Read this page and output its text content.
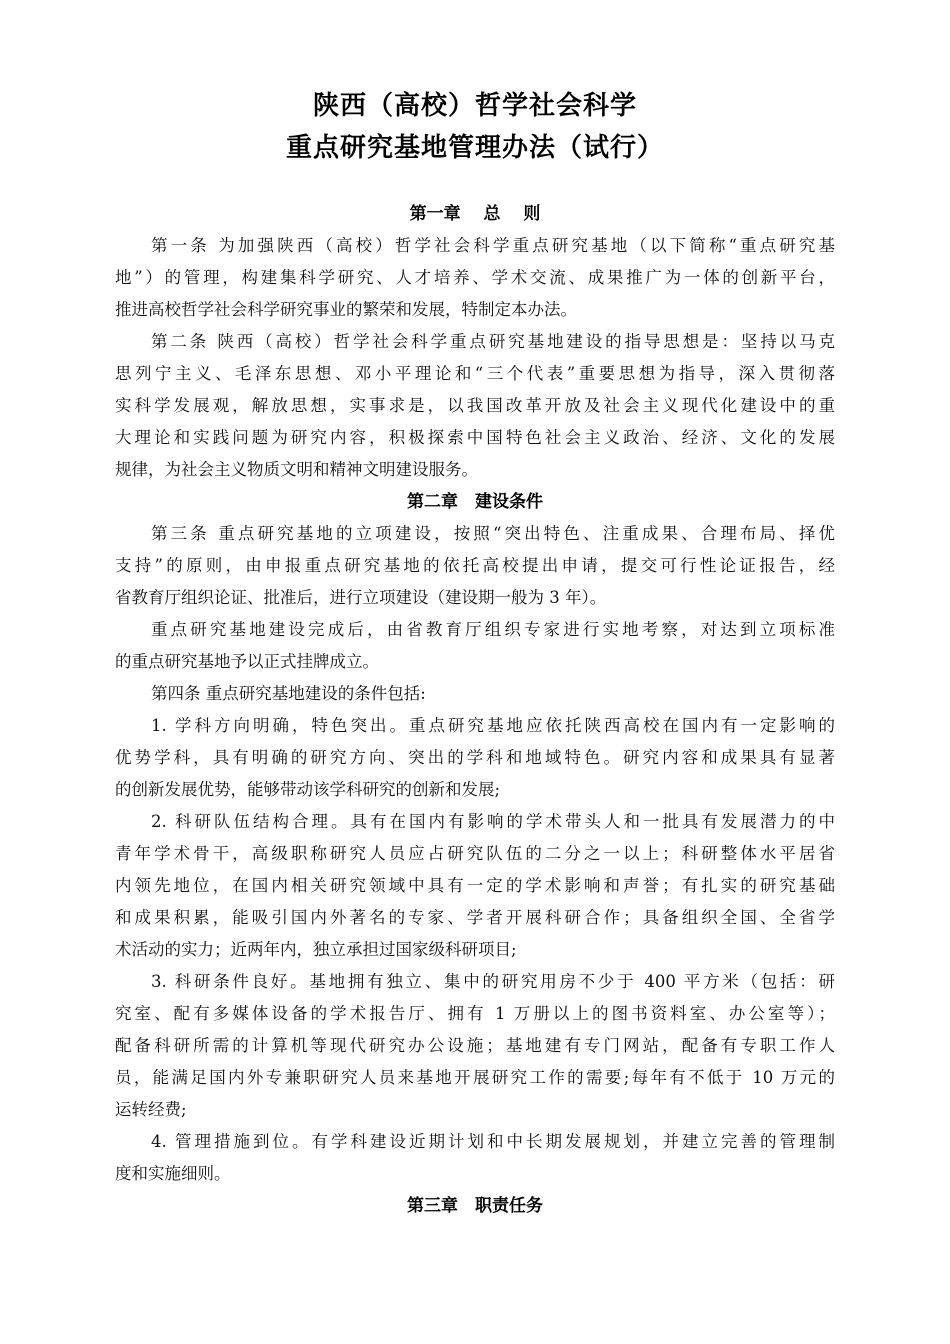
陕西（高校）哲学社会科学
重点研究基地管理办法（试行）
第一章　 总　 则
第一条 为加强陕西（高校）哲学社会科学重点研究基地（以下简称“重点研究基
地”）的管理，构建集科学研究、人才培养、学术交流、成果推广为一体的创新平台，
推进高校哲学社会科学研究事业的繁荣和发展，特制定本办法。
第二条 陕西（高校）哲学社会科学重点研究基地建设的指导思想是：坚持以马克
思列宁主义、毛泽东思想、邓小平理论和“三个代表”重要思想为指导，深入贯彻落
实科学发展观，解放思想，实事求是，以我国改革开放及社会主义现代化建设中的重
大理论和实践问题为研究内容，积极探索中国特色社会主义政治、经济、文化的发展
规律，为社会主义物质文明和精神文明建设服务。
第二章　建设条件
第三条 重点研究基地的立项建设，按照“突出特色、注重成果、合理布局、择优
支持”的原则，由申报重点研究基地的依托高校提出申请，提交可行性论证报告，经
省教育厅组织论证、批准后，进行立项建设（建设期一般为 3 年）。
重点研究基地建设完成后，由省教育厅组织专家进行实地考察，对达到立项标准
的重点研究基地予以正式挂牌成立。
第四条 重点研究基地建设的条件包括:
1. 学科方向明确，特色突出。重点研究基地应依托陕西高校在国内有一定影响的
优势学科，具有明确的研究方向、突出的学科和地域特色。研究内容和成果具有显著
的创新发展优势，能够带动该学科研究的创新和发展;
2. 科研队伍结构合理。具有在国内有影响的学术带头人和一批具有发展潜力的中
青年学术骨干，高级职称研究人员应占研究队伍的二分之一以上；科研整体水平居省
内领先地位，在国内相关研究领域中具有一定的学术影响和声誉；有扎实的研究基础
和成果积累，能吸引国内外著名的专家、学者开展科研合作；具备组织全国、全省学
术活动的实力；近两年内，独立承担过国家级科研项目;
3. 科研条件良好。基地拥有独立、集中的研究用房不少于 400 平方米（包括：研
究室、配有多媒体设备的学术报告厅、拥有 1 万册以上的图书资料室、办公室等）；
配备科研所需的计算机等现代研究办公设施；基地建有专门网站，配备有专职工作人
员，能满足国内外专兼职研究人员来基地开展研究工作的需要;每年有不低于 10 万元的
运转经费;
4. 管理措施到位。有学科建设近期计划和中长期发展规划，并建立完善的管理制
度和实施细则。
第三章　职责任务
